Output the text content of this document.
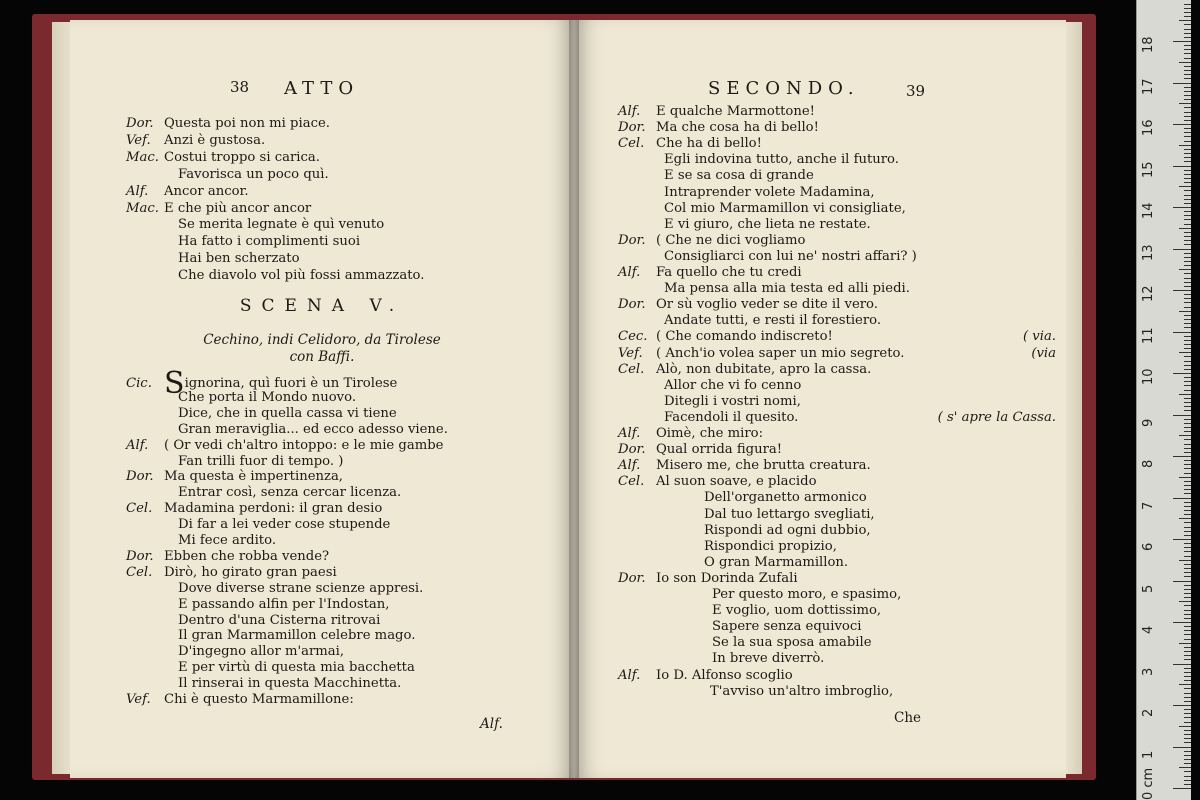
38 ATTO
Dor. Questa poi non mi piace.
Vef. Anzi è gustosa.
Mac. Costui troppo si carica.
Favorisca un poco quì.
Alf. Ancor ancor.
Mac. E che più ancor ancor
Se merita legnate è quì venuto
Ha fatto i complimenti suoi
Hai ben scherzato
Che diavolo vol più fossi ammazzato.
SCENA V.
Cechino, indi Celidoro, da Tirolese
con Baffi.
Cic. Signorina, quì fuori è un Tirolese
Che porta il Mondo nuovo.
Dice, che in quella cassa vi tiene
Gran meraviglia... ed ecco adesso viene.
Alf. ( Or vedi ch'altro intoppo: e le mie gambe
Fan trilli fuor di tempo. )
Dor. Ma questa è impertinenza,
Entrar così, senza cercar licenza.
Cel. Madamina perdoni: il gran desio
Di far a lei veder cose stupende
Mi fece ardito.
Dor. Ebben che robba vende?
Cel. Dirò, ho girato gran paesi
Dove diverse strane scienze appresi.
E passando alfin per l'Indostan,
Dentro d'una Cisterna ritrovai
Il gran Marmamillon celebre mago.
D'ingegno allor m'armai,
E per virtù di questa mia bacchetta
Il rinserai in questa Macchinetta.
Vef. Chi è questo Marmamillone:
Alf.
SECONDO.	39
Alf. E qualche Marmottone!
Dor. Ma che cosa ha di bello!
Cel. Che ha di bello!
Egli indovina tutto, anche il futuro.
E se sa cosa di grande
Intraprender volete Madamina,
Col mio Marmamillon vi consigliate,
E vi giuro, che lieta ne restate.
Dor. ( Che ne dici vogliamo
Consigliarci con lui ne' nostri affari? )
Alf. Fa quello che tu credi
Ma pensa alla mia testa ed alli piedi.
Dor. Or sù voglio veder se dite il vero.
Andate tutti, e resti il forestiero.
Cec. ( Che comando indiscreto!	( via.
Vef. ( Anch'io volea saper un mio segreto.	(via
Cel. Alò, non dubitate, apro la cassa.
Allor che vi fo cenno
Ditegli i vostri nomi,
Facendoli il quesito.	( s' apre la Cassa.
Alf. Oimè, che miro:
Dor. Qual orrida figura!
Alf. Misero me, che brutta creatura.
Cel. Al suon soave, e placido
Dell'organetto armonico
Dal tuo lettargo svegliati,
Rispondi ad ogni dubbio,
Rispondici propizio,
O gran Marmamillon.
Dor. Io son Dorinda Zufali
Per questo moro, e spasimo,
E voglio, uom dottissimo,
Sapere senza equivoci
Se la sua sposa amabile
In breve diverrò.
Alf. Io D. Alfonso scoglio
T'avviso un'altro imbroglio,
Che
0 cm
1
2
3
4
5
6
7
8
9
10
11
12
13
14
15
16
17
18
